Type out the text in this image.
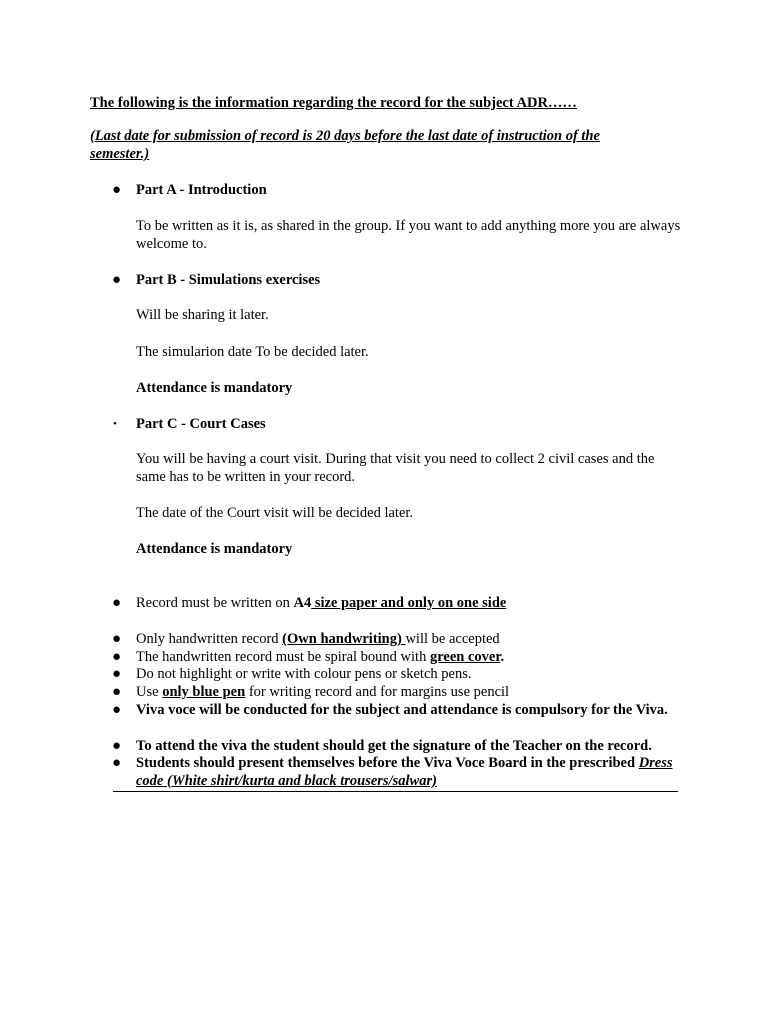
The following is the information regarding the record for the subject ADR……
(Last date for submission of record is 20 days before the last date of instruction of the semester.)
● Part A - Introduction
To be written as it is, as shared in the group. If you want to add anything more you are always welcome to.
● Part B - Simulations exercises
Will be sharing it later.
The simularion date To be decided later.
Attendance is mandatory
• Part C - Court Cases
You will be having a court visit. During that visit you need to collect 2 civil cases and the same has to be written in your record.
The date of the Court visit will be decided later.
Attendance is mandatory
● Record must be written on A4 size paper and only on one side
● Only handwritten record (Own handwriting) will be accepted
● The handwritten record must be spiral bound with green cover.
● Do not highlight or write with colour pens or sketch pens.
● Use only blue pen for writing record and for margins use pencil
● Viva voce will be conducted for the subject and attendance is compulsory for the Viva.
● To attend the viva the student should get the signature of the Teacher on the record.
● Students should present themselves before the Viva Voce Board in the prescribed Dress code (White shirt/kurta and black trousers/salwar)
